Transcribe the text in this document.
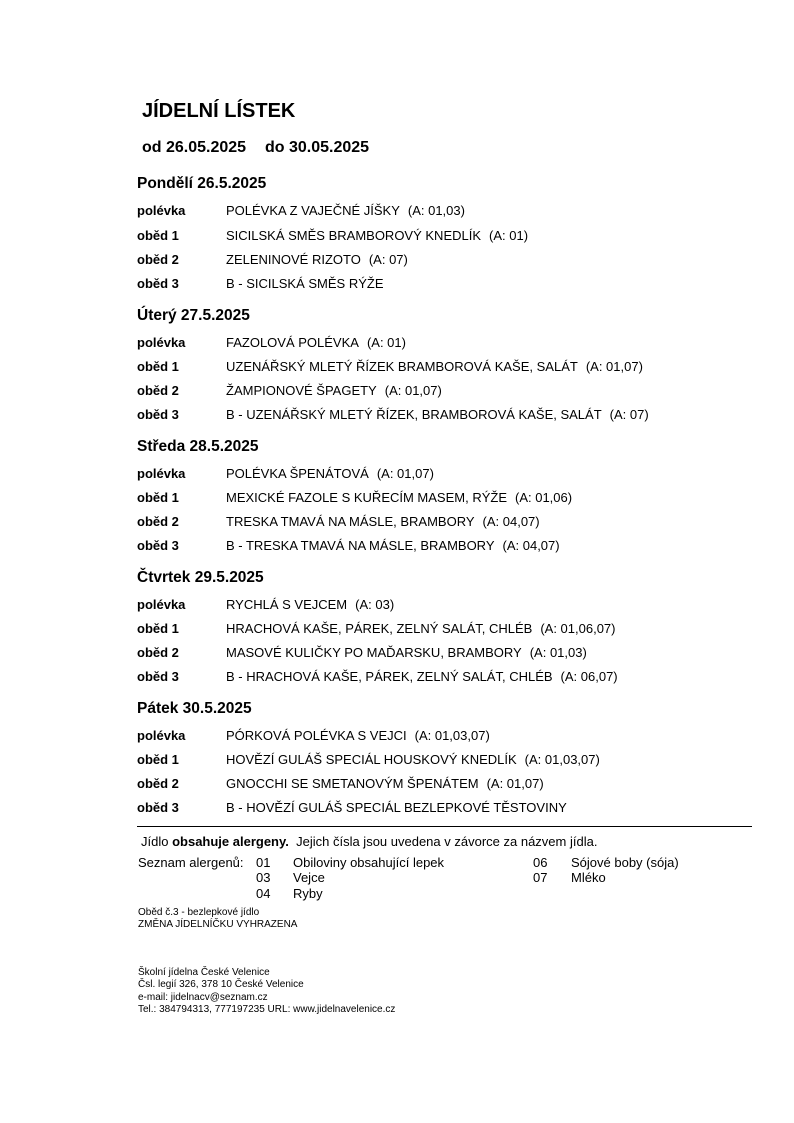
JÍDELNÍ LÍSTEK
od 26.05.2025 do 30.05.2025
Pondělí 26.5.2025
polévka	POLÉVKA Z VAJEČNÉ JÍŠKY (A: 01,03)
oběd 1	SICILSKÁ SMĚS BRAMBOROVÝ KNEDLÍK (A: 01)
oběd 2	ZELENINOVÉ RIZOTO (A: 07)
oběd 3	B - SICILSKÁ SMĚS RÝŽE
Úterý 27.5.2025
polévka	FAZOLOVÁ POLÉVKA (A: 01)
oběd 1	UZENÁŘSKÝ MLETÝ ŘÍZEK BRAMBOROVÁ KAŠE, SALÁT (A: 01,07)
oběd 2	ŽAMPIONOVÉ ŠPAGETY (A: 01,07)
oběd 3	B - UZENÁŘSKÝ MLETÝ ŘÍZEK, BRAMBOROVÁ KAŠE, SALÁT (A: 07)
Středa 28.5.2025
polévka	POLÉVKA ŠPENÁTOVÁ (A: 01,07)
oběd 1	MEXICKÉ FAZOLE S KUŘECÍM MASEM, RÝŽE (A: 01,06)
oběd 2	TRESKA TMAVÁ NA MÁSLE, BRAMBORY (A: 04,07)
oběd 3	B - TRESKA TMAVÁ NA MÁSLE, BRAMBORY (A: 04,07)
Čtvrtek 29.5.2025
polévka	RYCHLÁ S VEJCEM (A: 03)
oběd 1	HRACHOVÁ KAŠE, PÁREK, ZELNÝ SALÁT, CHLÉB (A: 01,06,07)
oběd 2	MASOVÉ KULIČKY PO MAĎARSKU, BRAMBORY (A: 01,03)
oběd 3	B - HRACHOVÁ KAŠE, PÁREK, ZELNÝ SALÁT, CHLÉB (A: 06,07)
Pátek 30.5.2025
polévka	PÓRKOVÁ POLÉVKA S VEJCI (A: 01,03,07)
oběd 1	HOVĚZÍ GULÁŠ SPECIÁL HOUSKOVÝ KNEDLÍK (A: 01,03,07)
oběd 2	GNOCCHI SE SMETANOVÝM ŠPENÁTEM (A: 01,07)
oběd 3	B - HOVĚZÍ GULÁŠ SPECIÁL BEZLEPKOVÉ TĚSTOVINY
Jídlo obsahuje alergeny. Jejich čísla jsou uvedena v závorce za názvem jídla.
Seznam alergenů: 01 Obiloviny obsahující lepek
03 Vejce
04 Ryby
06 Sójové boby (sója)
07 Mléko
Oběd č.3 - bezlepkové jídlo
ZMĚNA JÍDELNÍČKU VYHRAZENA
Školní jídelna České Velenice
Čsl. legií 326, 378 10 České Velenice
e-mail: jidelnacv@seznam.cz
Tel.: 384794313, 777197235 URL: www.jidelnavelenice.cz
